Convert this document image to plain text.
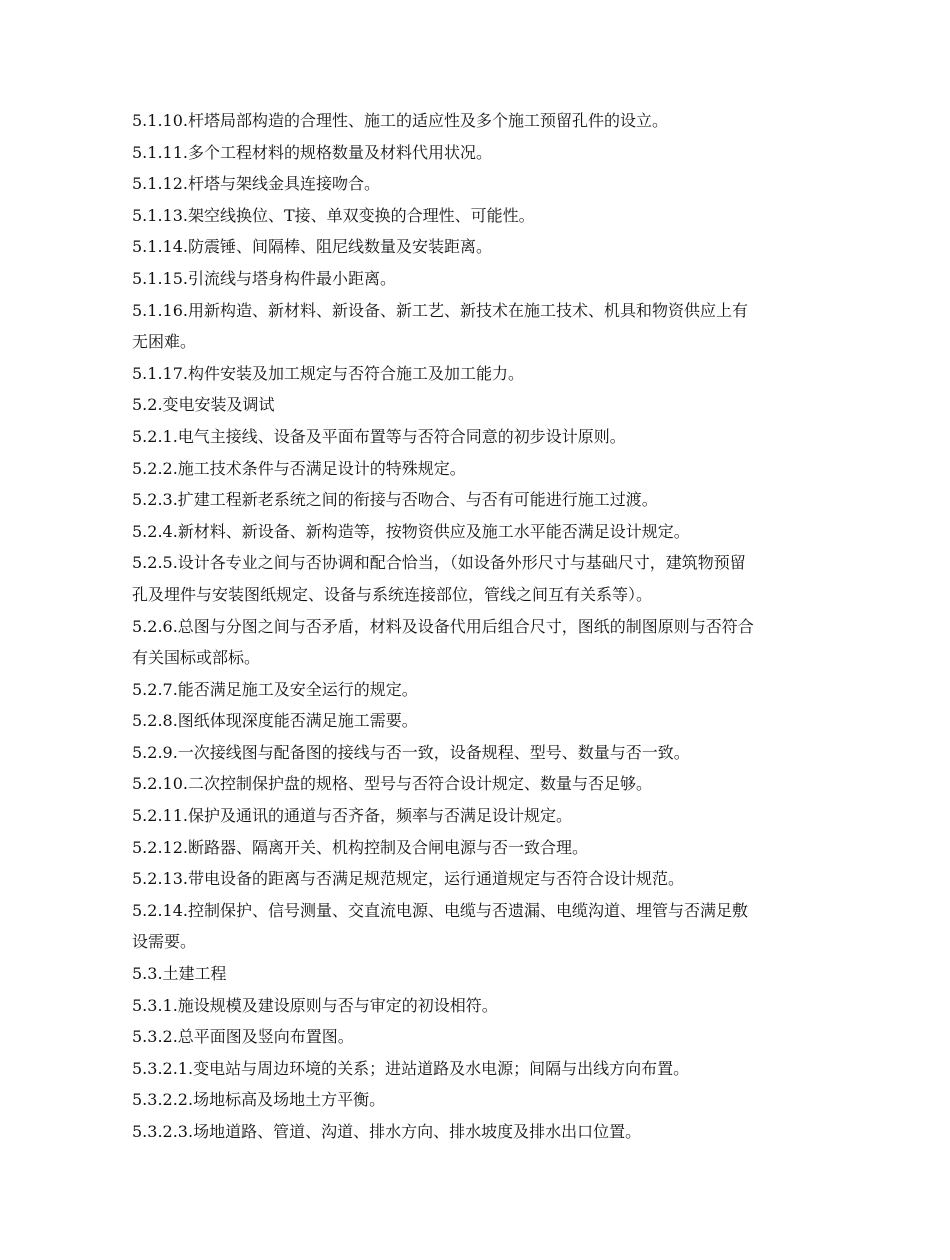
5.1.10.杆塔局部构造的合理性、施工的适应性及多个施工预留孔件的设立。
5.1.11.多个工程材料的规格数量及材料代用状况。
5.1.12.杆塔与架线金具连接吻合。
5.1.13.架空线换位、T接、单双变换的合理性、可能性。
5.1.14.防震锤、间隔棒、阻尼线数量及安装距离。
5.1.15.引流线与塔身构件最小距离。
5.1.16.用新构造、新材料、新设备、新工艺、新技术在施工技术、机具和物资供应上有
无困难。
5.1.17.构件安装及加工规定与否符合施工及加工能力。
5.2.变电安装及调试
5.2.1.电气主接线、设备及平面布置等与否符合同意的初步设计原则。
5.2.2.施工技术条件与否满足设计的特殊规定。
5.2.3.扩建工程新老系统之间的衔接与否吻合、与否有可能进行施工过渡。
5.2.4.新材料、新设备、新构造等，按物资供应及施工水平能否满足设计规定。
5.2.5.设计各专业之间与否协调和配合恰当，（如设备外形尺寸与基础尺寸，建筑物预留
孔及埋件与安装图纸规定、设备与系统连接部位，管线之间互有关系等）。
5.2.6.总图与分图之间与否矛盾，材料及设备代用后组合尺寸，图纸的制图原则与否符合
有关国标或部标。
5.2.7.能否满足施工及安全运行的规定。
5.2.8.图纸体现深度能否满足施工需要。
5.2.9.一次接线图与配备图的接线与否一致，设备规程、型号、数量与否一致。
5.2.10.二次控制保护盘的规格、型号与否符合设计规定、数量与否足够。
5.2.11.保护及通讯的通道与否齐备，频率与否满足设计规定。
5.2.12.断路器、隔离开关、机构控制及合闸电源与否一致合理。
5.2.13.带电设备的距离与否满足规范规定，运行通道规定与否符合设计规范。
5.2.14.控制保护、信号测量、交直流电源、电缆与否遗漏、电缆沟道、埋管与否满足敷
设需要。
5.3.土建工程
5.3.1.施设规模及建设原则与否与审定的初设相符。
5.3.2.总平面图及竖向布置图。
5.3.2.1.变电站与周边环境的关系；进站道路及水电源；间隔与出线方向布置。
5.3.2.2.场地标高及场地土方平衡。
5.3.2.3.场地道路、管道、沟道、排水方向、排水坡度及排水出口位置。
